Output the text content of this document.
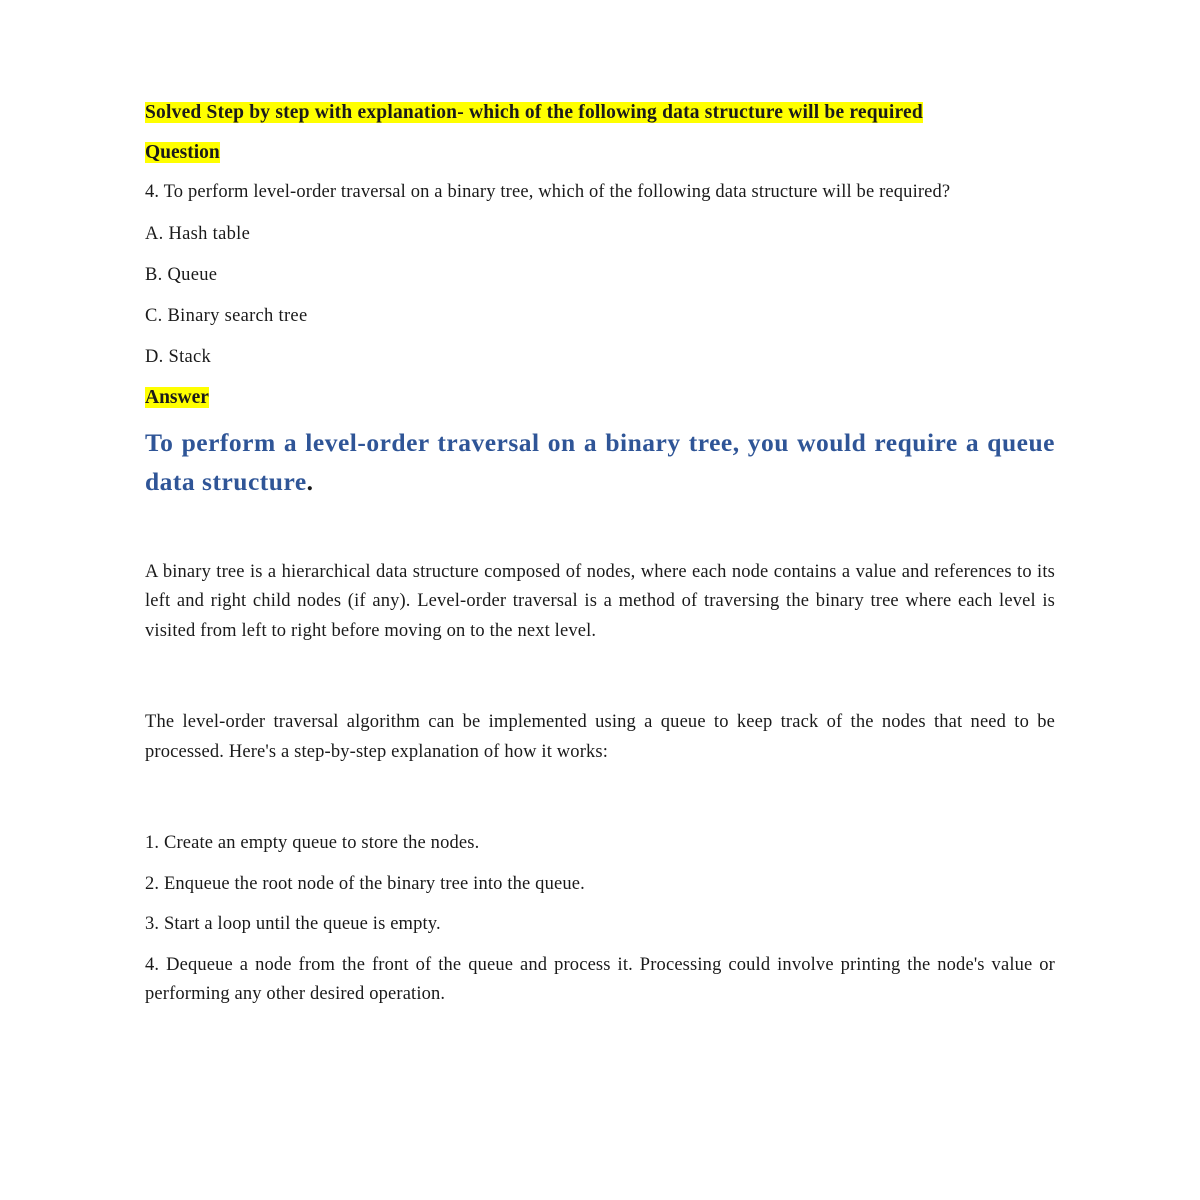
Solved Step by step with explanation- which of the following data structure will be required

Question

4. To perform level-order traversal on a binary tree, which of the following data structure will be required?

A. Hash table

B. Queue

C. Binary search tree

D. Stack

Answer

To perform a level-order traversal on a binary tree, you would require a queue data structure.

A binary tree is a hierarchical data structure composed of nodes, where each node contains a value and references to its left and right child nodes (if any). Level-order traversal is a method of traversing the binary tree where each level is visited from left to right before moving on to the next level.

The level-order traversal algorithm can be implemented using a queue to keep track of the nodes that need to be processed. Here's a step-by-step explanation of how it works:

1. Create an empty queue to store the nodes.

2. Enqueue the root node of the binary tree into the queue.

3. Start a loop until the queue is empty.

4. Dequeue a node from the front of the queue and process it. Processing could involve printing the node's value or performing any other desired operation.
